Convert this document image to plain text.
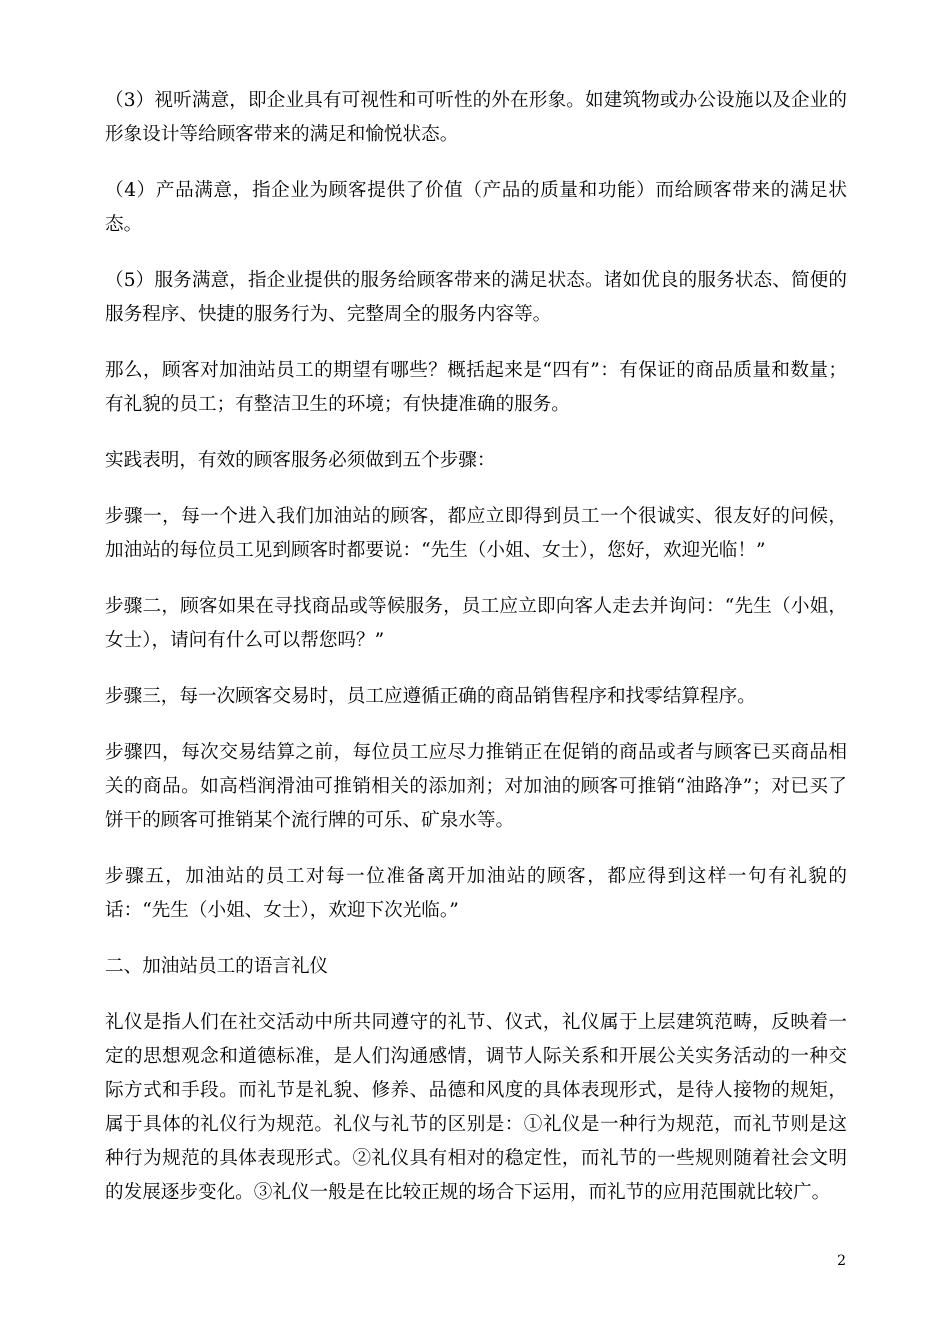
（3）视听满意，即企业具有可视性和可听性的外在形象。如建筑物或办公设施以及企业的形象设计等给顾客带来的满足和愉悦状态。

（4）产品满意，指企业为顾客提供了价值（产品的质量和功能）而给顾客带来的满足状态。

（5）服务满意，指企业提供的服务给顾客带来的满足状态。诸如优良的服务状态、简便的服务程序、快捷的服务行为、完整周全的服务内容等。

那么，顾客对加油站员工的期望有哪些？概括起来是“四有”：有保证的商品质量和数量；有礼貌的员工；有整洁卫生的环境；有快捷准确的服务。

实践表明，有效的顾客服务必须做到五个步骤：

步骤一，每一个进入我们加油站的顾客，都应立即得到员工一个很诚实、很友好的问候，加油站的每位员工见到顾客时都要说：“先生（小姐、女士），您好，欢迎光临！”

步骤二，顾客如果在寻找商品或等候服务，员工应立即向客人走去并询问：“先生（小姐，女士），请问有什么可以帮您吗？”

步骤三，每一次顾客交易时，员工应遵循正确的商品销售程序和找零结算程序。

步骤四，每次交易结算之前，每位员工应尽力推销正在促销的商品或者与顾客已买商品相关的商品。如高档润滑油可推销相关的添加剂；对加油的顾客可推销“油路净”；对已买了饼干的顾客可推销某个流行牌的可乐、矿泉水等。

步骤五，加油站的员工对每一位准备离开加油站的顾客，都应得到这样一句有礼貌的话：“先生（小姐、女士），欢迎下次光临。”

二、加油站员工的语言礼仪

礼仪是指人们在社交活动中所共同遵守的礼节、仪式，礼仪属于上层建筑范畴，反映着一定的思想观念和道德标准，是人们沟通感情，调节人际关系和开展公关实务活动的一种交际方式和手段。而礼节是礼貌、修养、品德和风度的具体表现形式，是待人接物的规矩，属于具体的礼仪行为规范。礼仪与礼节的区别是：①礼仪是一种行为规范，而礼节则是这种行为规范的具体表现形式。②礼仪具有相对的稳定性，而礼节的一些规则随着社会文明的发展逐步变化。③礼仪一般是在比较正规的场合下运用，而礼节的应用范围就比较广。

2
